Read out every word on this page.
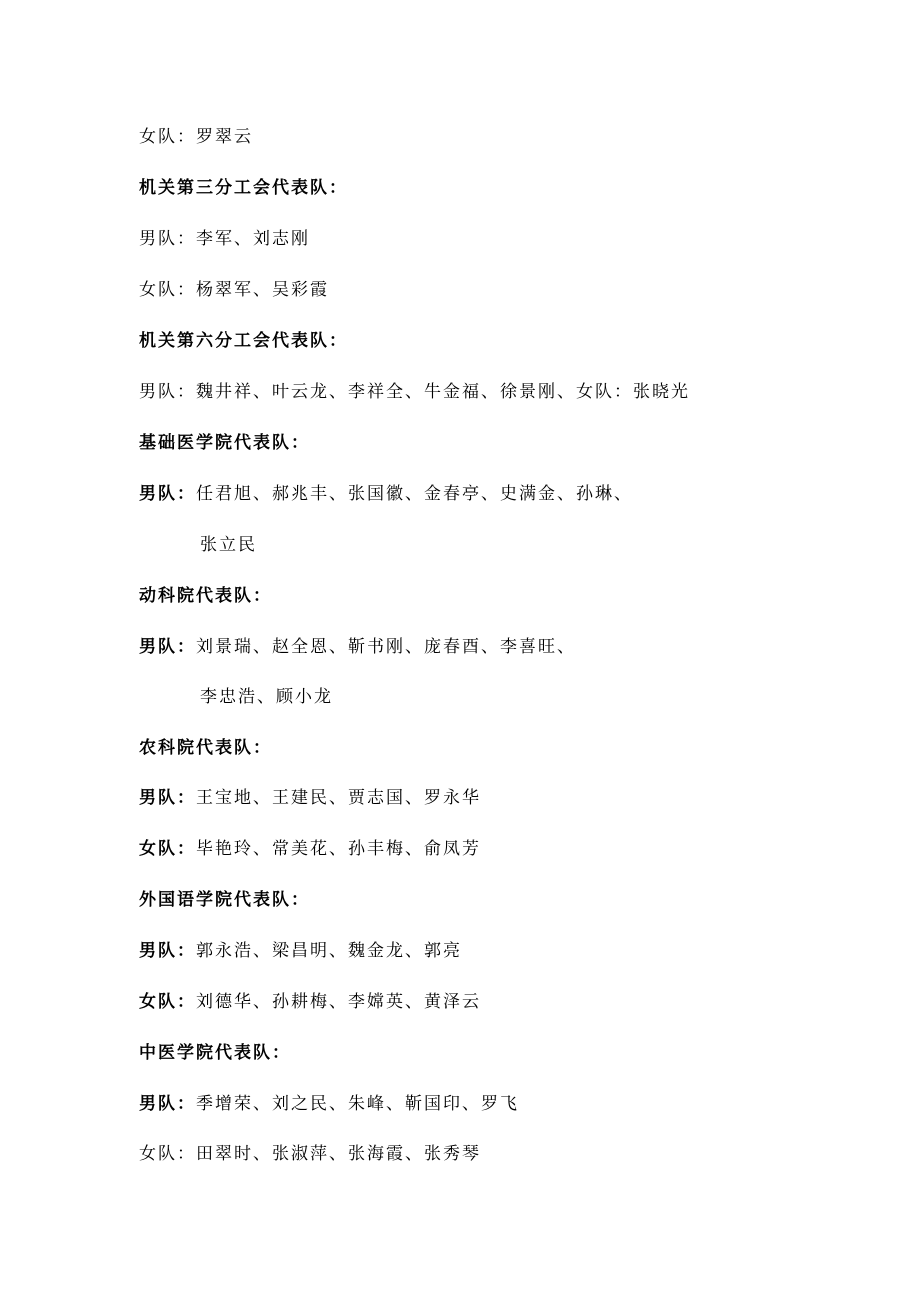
女队：罗翠云
机关第三分工会代表队：
男队：李军、刘志刚
女队：杨翠军、吴彩霞
机关第六分工会代表队：
男队：魏井祥、叶云龙、李祥全、牛金福、徐景刚、女队：张晓光
基础医学院代表队：
男队：任君旭、郝兆丰、张国徽、金春亭、史满金、孙琳、
张立民
动科院代表队：
男队：刘景瑞、赵全恩、靳书刚、庞春酉、李喜旺、
李忠浩、顾小龙
农科院代表队：
男队：王宝地、王建民、贾志国、罗永华
女队：毕艳玲、常美花、孙丰梅、俞凤芳
外国语学院代表队：
男队：郭永浩、梁昌明、魏金龙、郭亮
女队：刘德华、孙耕梅、李嫦英、黄泽云
中医学院代表队：
男队：季增荣、刘之民、朱峰、靳国印、罗飞
女队：田翠时、张淑萍、张海霞、张秀琴
